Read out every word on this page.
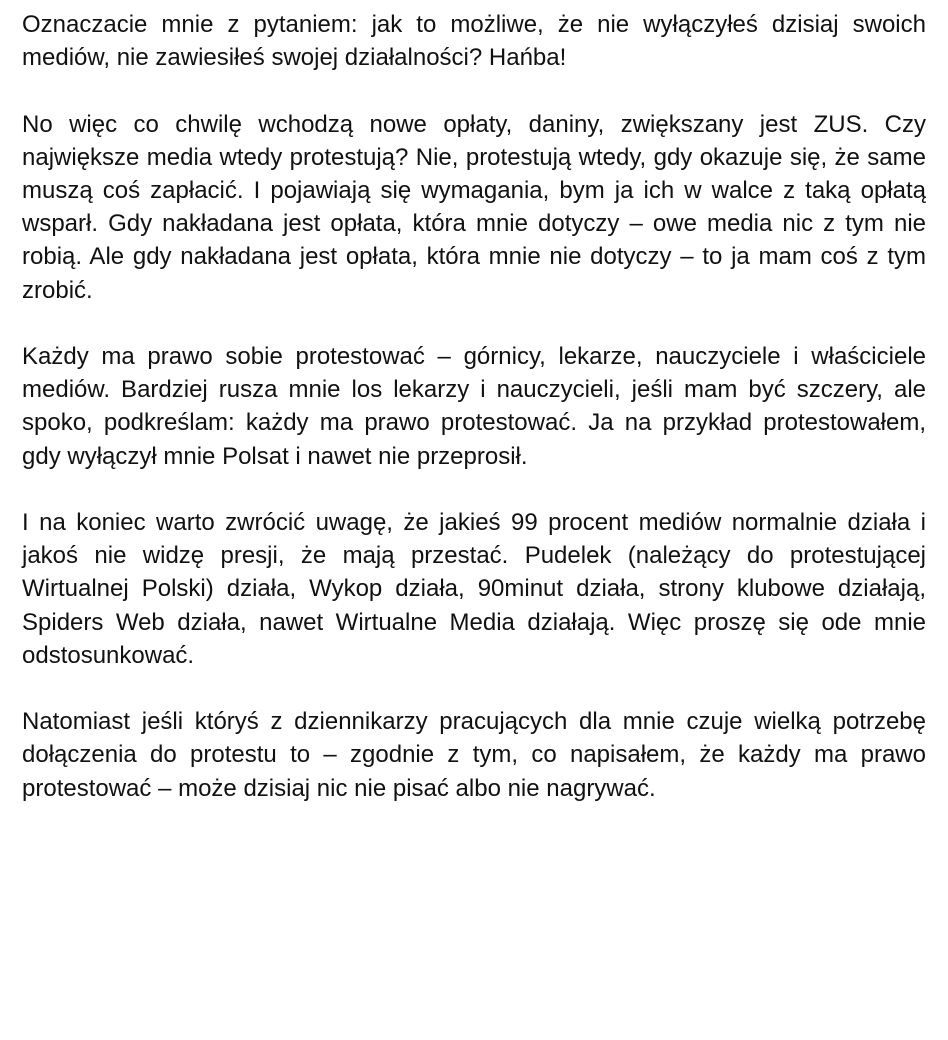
Oznaczacie mnie z pytaniem: jak to możliwe, że nie wyłączyłeś dzisiaj swoich mediów, nie zawiesiłeś swojej działalności? Hańba!

No więc co chwilę wchodzą nowe opłaty, daniny, zwiększany jest ZUS. Czy największe media wtedy protestują? Nie, protestują wtedy, gdy okazuje się, że same muszą coś zapłacić. I pojawiają się wymagania, bym ja ich w walce z taką opłatą wsparł. Gdy nakładana jest opłata, która mnie dotyczy – owe media nic z tym nie robią. Ale gdy nakładana jest opłata, która mnie nie dotyczy – to ja mam coś z tym zrobić.

Każdy ma prawo sobie protestować – górnicy, lekarze, nauczyciele i właściciele mediów. Bardziej rusza mnie los lekarzy i nauczycieli, jeśli mam być szczery, ale spoko, podkreślam: każdy ma prawo protestować. Ja na przykład protestowałem, gdy wyłączył mnie Polsat i nawet nie przeprosił.

I na koniec warto zwrócić uwagę, że jakieś 99 procent mediów normalnie działa i jakoś nie widzę presji, że mają przestać. Pudelek (należący do protestującej Wirtualnej Polski) działa, Wykop działa, 90minut działa, strony klubowe działają, Spiders Web działa, nawet Wirtualne Media działają. Więc proszę się ode mnie odstosunkować.

Natomiast jeśli któryś z dziennikarzy pracujących dla mnie czuje wielką potrzebę dołączenia do protestu to – zgodnie z tym, co napisałem, że każdy ma prawo protestować – może dzisiaj nic nie pisać albo nie nagrywać.
